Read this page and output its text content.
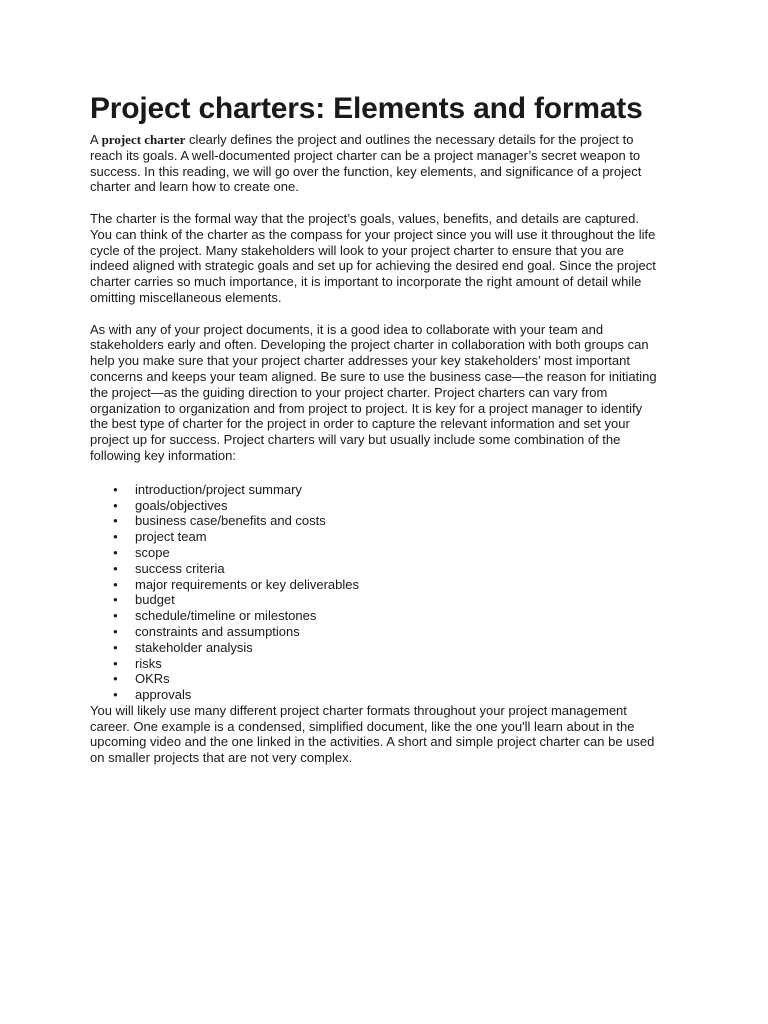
Project charters: Elements and formats

A project charter clearly defines the project and outlines the necessary details for the project to reach its goals. A well-documented project charter can be a project manager’s secret weapon to success. In this reading, we will go over the function, key elements, and significance of a project charter and learn how to create one.

The charter is the formal way that the project’s goals, values, benefits, and details are captured. You can think of the charter as the compass for your project since you will use it throughout the life cycle of the project. Many stakeholders will look to your project charter to ensure that you are indeed aligned with strategic goals and set up for achieving the desired end goal. Since the project charter carries so much importance, it is important to incorporate the right amount of detail while omitting miscellaneous elements.

As with any of your project documents, it is a good idea to collaborate with your team and stakeholders early and often. Developing the project charter in collaboration with both groups can help you make sure that your project charter addresses your key stakeholders’ most important concerns and keeps your team aligned. Be sure to use the business case—the reason for initiating the project—as the guiding direction to your project charter. Project charters can vary from organization to organization and from project to project. It is key for a project manager to identify the best type of charter for the project in order to capture the relevant information and set your project up for success. Project charters will vary but usually include some combination of the following key information:

● introduction/project summary
● goals/objectives
● business case/benefits and costs
● project team
● scope
● success criteria
● major requirements or key deliverables
● budget
● schedule/timeline or milestones
● constraints and assumptions
● stakeholder analysis
● risks
● OKRs
● approvals

You will likely use many different project charter formats throughout your project management career. One example is a condensed, simplified document, like the one you'll learn about in the upcoming video and the one linked in the activities. A short and simple project charter can be used on smaller projects that are not very complex.
